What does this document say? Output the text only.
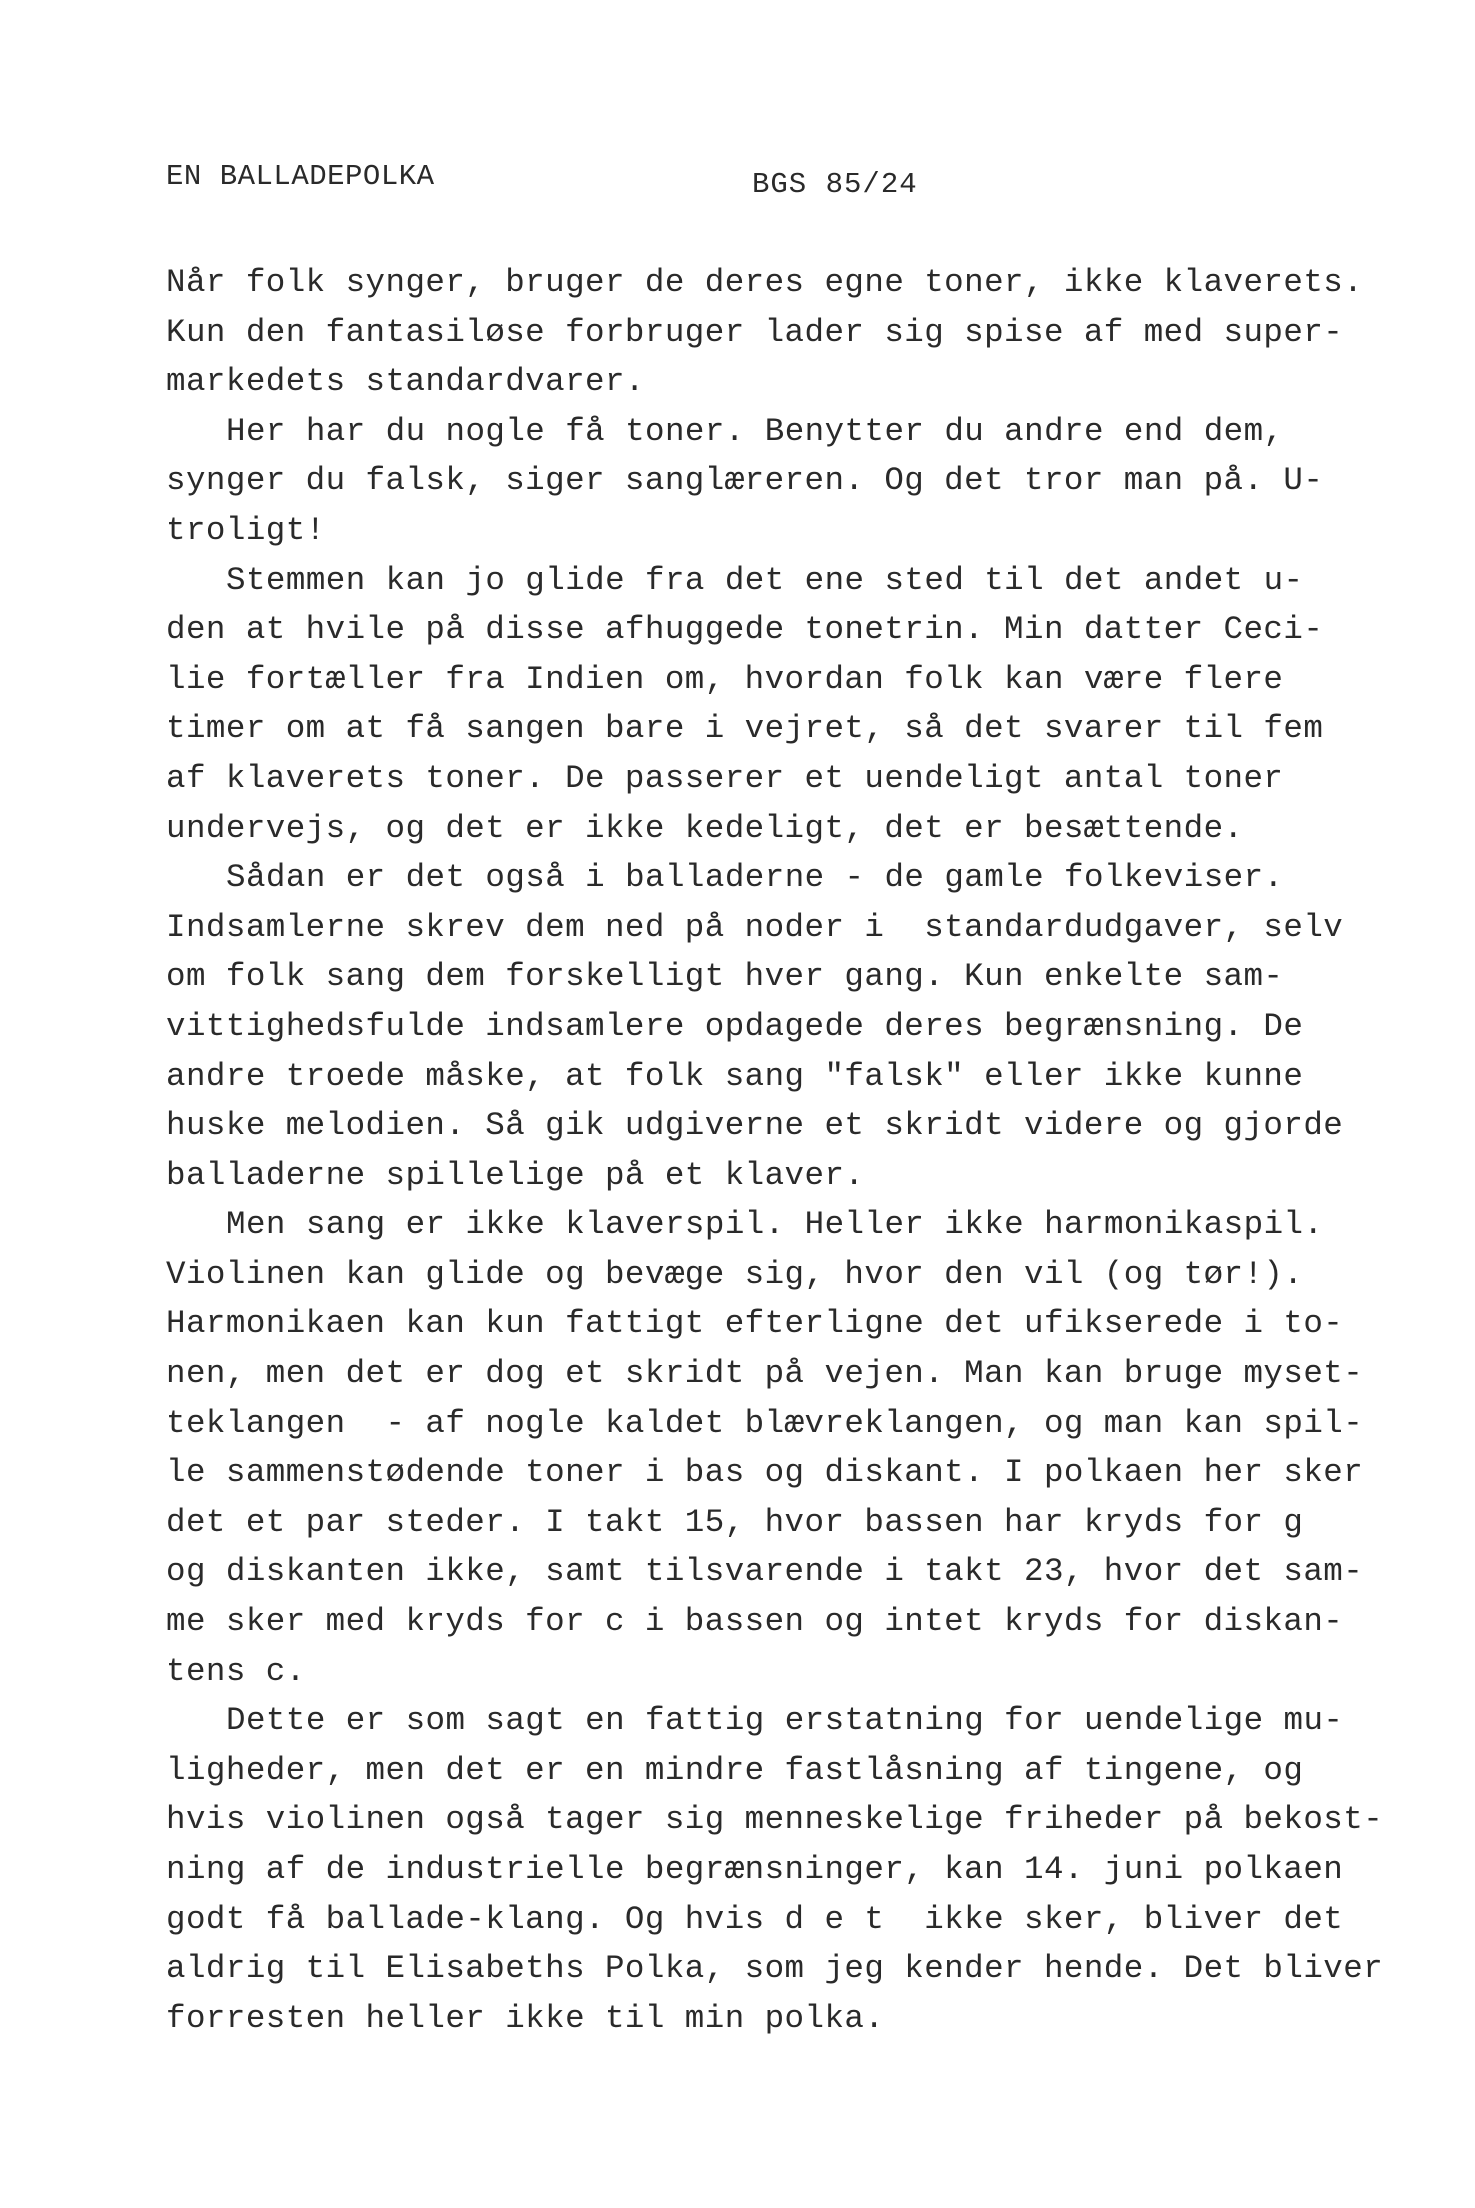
EN BALLADEPOLKA	BGS 85/24
Når folk synger, bruger de deres egne toner, ikke klaverets.
Kun den fantasiløse forbruger lader sig spise af med super-
markedets standardvarer.
Her har du nogle få toner. Benytter du andre end dem,
synger du falsk, siger sanglæreren. Og det tror man på. U-
troligt!
Stemmen kan jo glide fra det ene sted til det andet u-
den at hvile på disse afhuggede tonetrin. Min datter Ceci-
lie fortæller fra Indien om, hvordan folk kan være flere
timer om at få sangen bare i vejret, så det svarer til fem
af klaverets toner. De passerer et uendeligt antal toner
undervejs, og det er ikke kedeligt, det er besættende.
Sådan er det også i balladerne - de gamle folkeviser.
Indsamlerne skrev dem ned på noder i  standardudgaver, selv
om folk sang dem forskelligt hver gang. Kun enkelte sam-
vittighedsfulde indsamlere opdagede deres begrænsning. De
andre troede måske, at folk sang "falsk" eller ikke kunne
huske melodien. Så gik udgiverne et skridt videre og gjorde
balladerne spillelige på et klaver.
Men sang er ikke klaverspil. Heller ikke harmonikaspil.
Violinen kan glide og bevæge sig, hvor den vil (og tør!).
Harmonikaen kan kun fattigt efterligne det ufikserede i to-
nen, men det er dog et skridt på vejen. Man kan bruge myset-
teklangen  - af nogle kaldet blævreklangen, og man kan spil-
le sammenstødende toner i bas og diskant. I polkaen her sker
det et par steder. I takt 15, hvor bassen har kryds for g
og diskanten ikke, samt tilsvarende i takt 23, hvor det sam-
me sker med kryds for c i bassen og intet kryds for diskan-
tens c.
Dette er som sagt en fattig erstatning for uendelige mu-
ligheder, men det er en mindre fastlåsning af tingene, og
hvis violinen også tager sig menneskelige friheder på bekost-
ning af de industrielle begrænsninger, kan 14. juni polkaen
godt få ballade-klang. Og hvis d e t  ikke sker, bliver det
aldrig til Elisabeths Polka, som jeg kender hende. Det bliver
forresten heller ikke til min polka.
